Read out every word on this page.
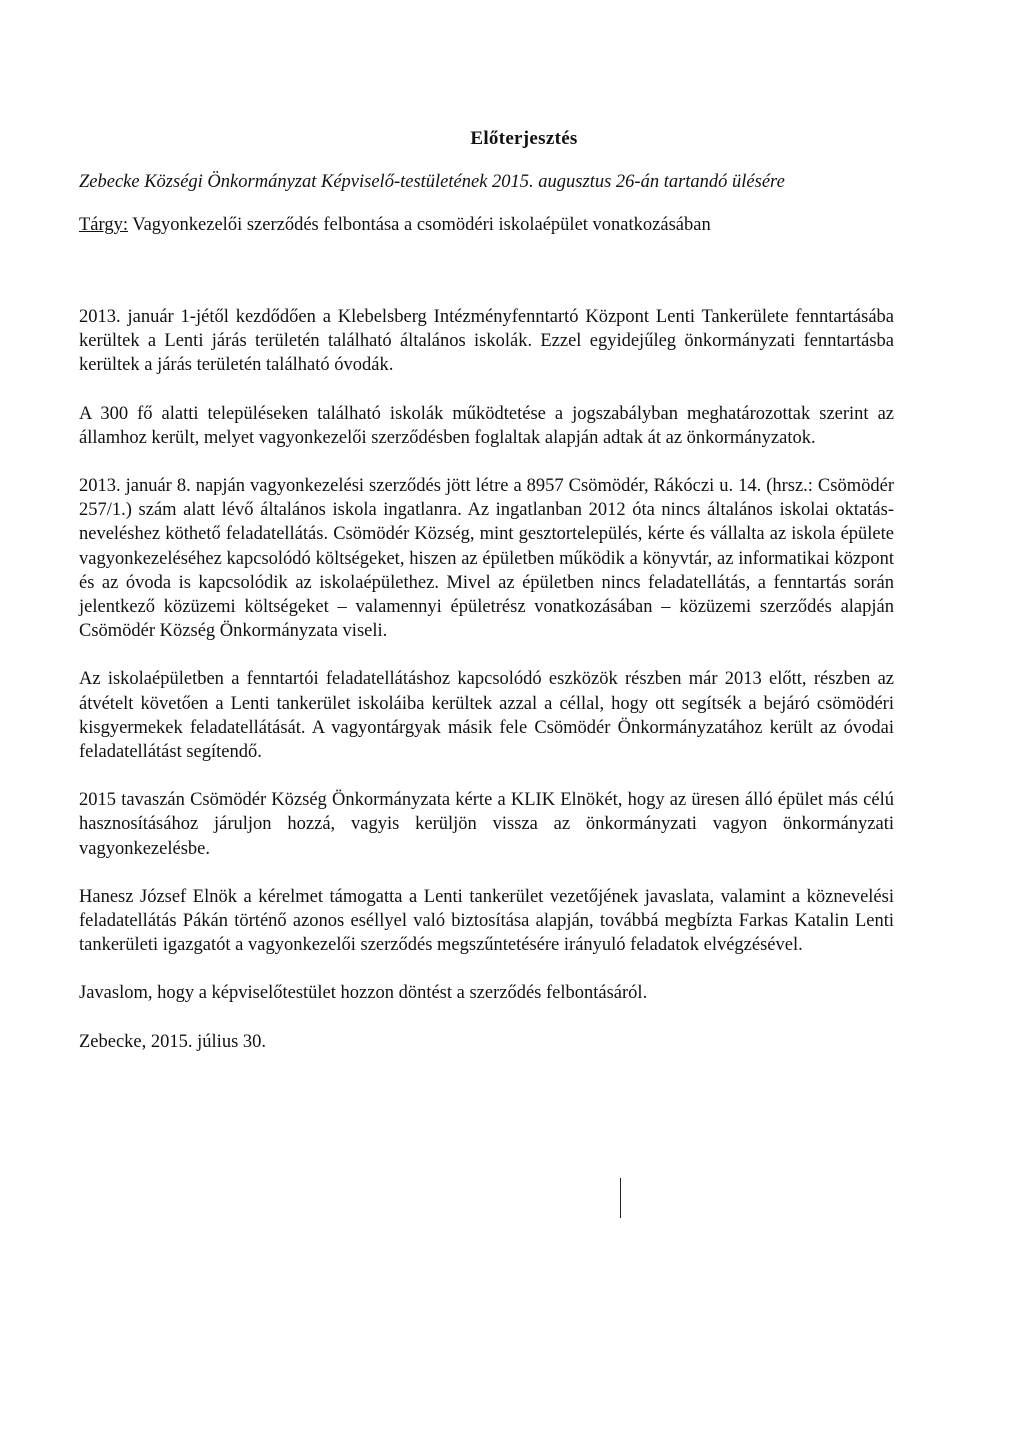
Előterjesztés
Zebecke Községi Önkormányzat Képviselő-testületének 2015. augusztus 26-án tartandó ülésére
Tárgy: Vagyonkezelői szerződés felbontása a csomödéri iskolaépület vonatkozásában

2013. január 1-jétől kezdődően a Klebelsberg Intézményfenntartó Központ Lenti Tankerülete fenntartásába kerültek a Lenti járás területén található általános iskolák. Ezzel egyidejűleg önkormányzati fenntartásba kerültek a járás területén található óvodák.

A 300 fő alatti településeken található iskolák működtetése a jogszabályban meghatározottak szerint az államhoz került, melyet vagyonkezelői szerződésben foglaltak alapján adtak át az önkormányzatok.

2013. január 8. napján vagyonkezelési szerződés jött létre a 8957 Csömödér, Rákóczi u. 14. (hrsz.: Csömödér 257/1.) szám alatt lévő általános iskola ingatlanra. Az ingatlanban 2012 óta nincs általános iskolai oktatás-neveléshez köthető feladatellátás. Csömödér Község, mint gesztortelepülés, kérte és vállalta az iskola épülete vagyonkezeléséhez kapcsolódó költségeket, hiszen az épületben működik a könyvtár, az informatikai központ és az óvoda is kapcsolódik az iskolaépülethez. Mivel az épületben nincs feladatellátás, a fenntartás során jelentkező közüzemi költségeket – valamennyi épületrész vonatkozásában – közüzemi szerződés alapján Csömödér Község Önkormányzata viseli.

Az iskolaépületben a fenntartói feladatellátáshoz kapcsolódó eszközök részben már 2013 előtt, részben az átvételt követően a Lenti tankerület iskoláiba kerültek azzal a céllal, hogy ott segítsék a bejáró csömödéri kisgyermekek feladatellátását. A vagyontárgyak másik fele Csömödér Önkormányzatához került az óvodai feladatellátást segítendő.

2015 tavaszán Csömödér Község Önkormányzata kérte a KLIK Elnökét, hogy az üresen álló épület más célú hasznosításához járuljon hozzá, vagyis kerüljön vissza az önkormányzati vagyon önkormányzati vagyonkezelésbe.

Hanesz József Elnök a kérelmet támogatta a Lenti tankerület vezetőjének javaslata, valamint a köznevelési feladatellátás Pákán történő azonos eséllyel való biztosítása alapján, továbbá megbízta Farkas Katalin Lenti tankerületi igazgatót a vagyonkezelői szerződés megszűntetésére irányuló feladatok elvégzésével.

Javaslom, hogy a képviselőtestület hozzon döntést a szerződés felbontásáról.

Zebecke, 2015. július 30.
